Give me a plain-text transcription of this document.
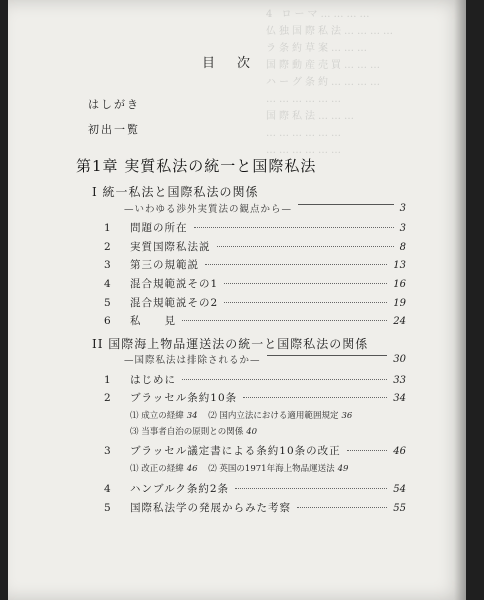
4 ローマ…………
仏独国際私法…………
ラ条約草案………
国際動産売買………
ハーグ条約…………
………………
国際私法………
………………
………………
目次
はしがき
初出一覧
第1章 実質私法の統一と国際私法
I 統一私法と国際私法の関係
—いわゆる渉外実質法の観点から—	3
1	問題の所在	3
2	実質国際私法説	8
3	第三の規範説	13
4	混合規範説その1	16
5	混合規範説その2	19
6	私　　見	24
II 国際海上物品運送法の統一と国際私法の関係
—国際私法は排除されるか—	30
1	はじめに	33
2	ブラッセル条約10条	34
⑴ 成立の経緯 34 ⑵ 国内立法における適用範囲規定 36
⑶ 当事者自治の原則との関係 40
3	ブラッセル議定書による条約10条の改正	46
⑴ 改正の経緯 46 ⑵ 英国の1971年海上物品運送法 49
4	ハンブルク条約2条	54
5	国際私法学の発展からみた考察	55
